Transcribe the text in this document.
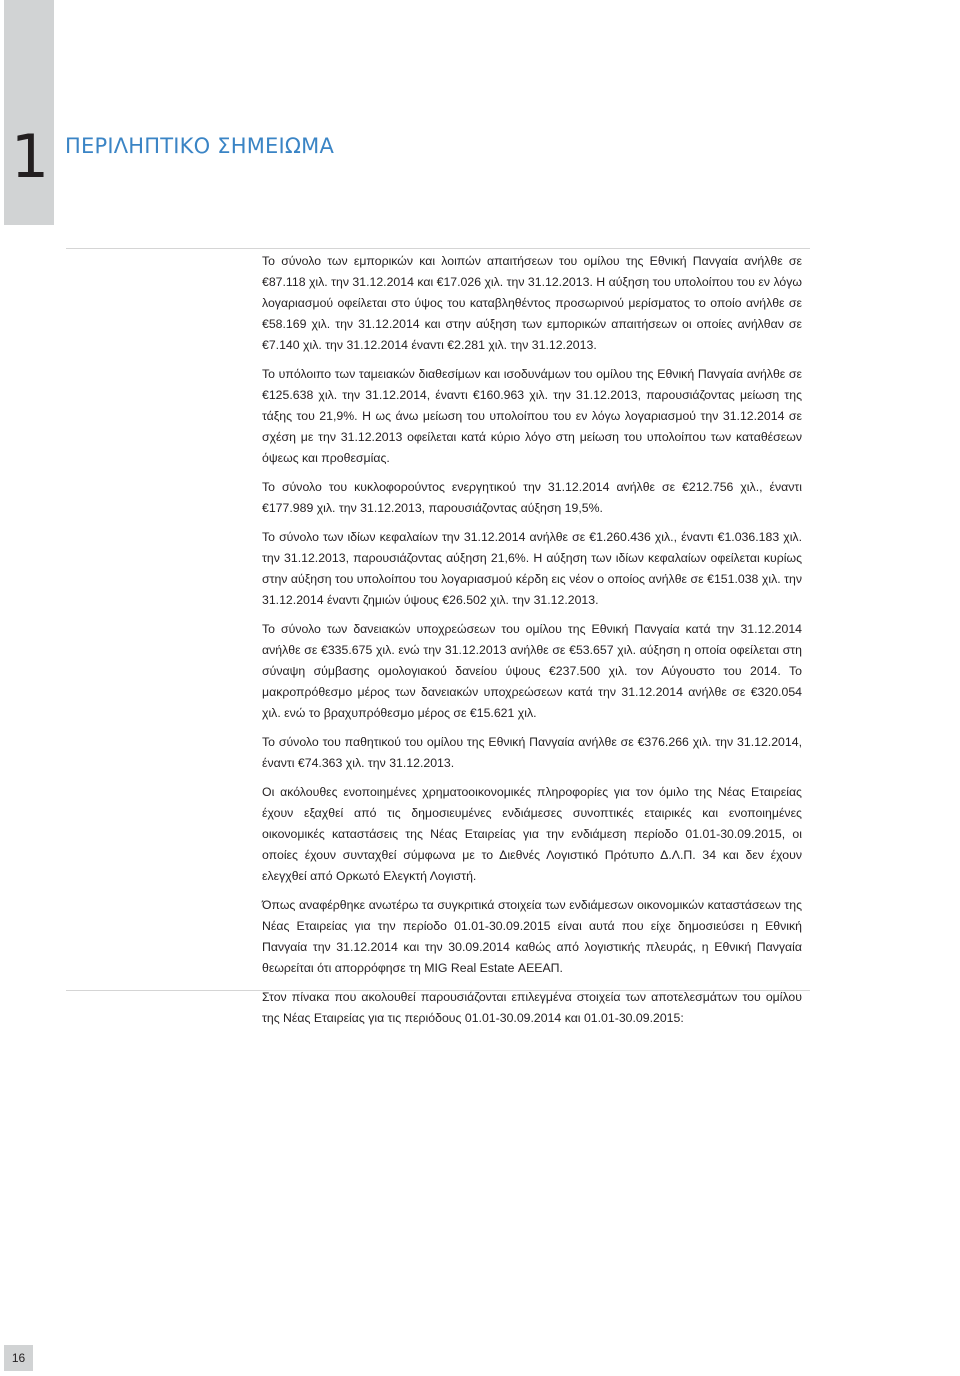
1 ΠΕΡΙΛΗΠΤΙΚΟ ΣΗΜΕΙΩΜΑ

Το σύνολο των εμπορικών και λοιπών απαιτήσεων του ομίλου της Εθνική Πανγαία ανήλθε σε €87.118 χιλ. την 31.12.2014 και €17.026 χιλ. την 31.12.2013. Η αύξηση του υπολοίπου του εν λόγω λογαριασμού οφείλεται στο ύψος του καταβληθέντος προσωρινού μερίσματος το οποίο ανήλθε σε €58.169 χιλ. την 31.12.2014 και στην αύξηση των εμπορικών απαιτήσεων οι οποίες ανήλθαν σε €7.140 χιλ. την 31.12.2014 έναντι €2.281 χιλ. την 31.12.2013.

Το υπόλοιπο των ταμειακών διαθεσίμων και ισοδυνάμων του ομίλου της Εθνική Πανγαία ανήλθε σε €125.638 χιλ. την 31.12.2014, έναντι €160.963 χιλ. την 31.12.2013, παρουσιάζοντας μείωση της τάξης του 21,9%. Η ως άνω μείωση του υπολοίπου του εν λόγω λογαριασμού την 31.12.2014 σε σχέση με την 31.12.2013 οφείλεται κατά κύριο λόγο στη μείωση του υπολοίπου των καταθέσεων όψεως και προθεσμίας.

Το σύνολο του κυκλοφορούντος ενεργητικού την 31.12.2014 ανήλθε σε €212.756 χιλ., έναντι €177.989 χιλ. την 31.12.2013, παρουσιάζοντας αύξηση 19,5%.

Το σύνολο των ιδίων κεφαλαίων την 31.12.2014 ανήλθε σε €1.260.436 χιλ., έναντι €1.036.183 χιλ. την 31.12.2013, παρουσιάζοντας αύξηση 21,6%. Η αύξηση των ιδίων κεφαλαίων οφείλεται κυρίως στην αύξηση του υπολοίπου του λογαριασμού κέρδη εις νέον ο οποίος ανήλθε σε €151.038 χιλ. την 31.12.2014 έναντι ζημιών ύψους €26.502 χιλ. την 31.12.2013.

Το σύνολο των δανειακών υποχρεώσεων του ομίλου της Εθνική Πανγαία κατά την 31.12.2014 ανήλθε σε €335.675 χιλ. ενώ την 31.12.2013 ανήλθε σε €53.657 χιλ. αύξηση η οποία οφείλεται στη σύναψη σύμβασης ομολογιακού δανείου ύψους €237.500 χιλ. τον Αύγουστο του 2014. Το μακροπρόθεσμο μέρος των δανειακών υποχρεώσεων κατά την 31.12.2014 ανήλθε σε €320.054 χιλ. ενώ το βραχυπρόθεσμο μέρος σε €15.621 χιλ.

Το σύνολο του παθητικού του ομίλου της Εθνική Πανγαία ανήλθε σε €376.266 χιλ. την 31.12.2014, έναντι €74.363 χιλ. την 31.12.2013.

Οι ακόλουθες ενοποιημένες χρηματοοικονομικές πληροφορίες για τον όμιλο της Νέας Εταιρείας έχουν εξαχθεί από τις δημοσιευμένες ενδιάμεσες συνοπτικές εταιρικές και ενοποιημένες οικονομικές καταστάσεις της Νέας Εταιρείας για την ενδιάμεση περίοδο 01.01-30.09.2015, οι οποίες έχουν συνταχθεί σύμφωνα με το Διεθνές Λογιστικό Πρότυπο Δ.Λ.Π. 34 και δεν έχουν ελεγχθεί από Ορκωτό Ελεγκτή Λογιστή.

Όπως αναφέρθηκε ανωτέρω τα συγκριτικά στοιχεία των ενδιάμεσων οικονομικών καταστάσεων της Νέας Εταιρείας για την περίοδο 01.01-30.09.2015 είναι αυτά που είχε δημοσιεύσει η Εθνική Πανγαία την 31.12.2014 και την 30.09.2014 καθώς από λογιστικής πλευράς, η Εθνική Πανγαία θεωρείται ότι απορρόφησε τη MIG Real Estate ΑΕΕΑΠ.

Στον πίνακα που ακολουθεί παρουσιάζονται επιλεγμένα στοιχεία των αποτελεσμάτων του ομίλου της Νέας Εταιρείας για τις περιόδους 01.01-30.09.2014 και 01.01-30.09.2015:

16
